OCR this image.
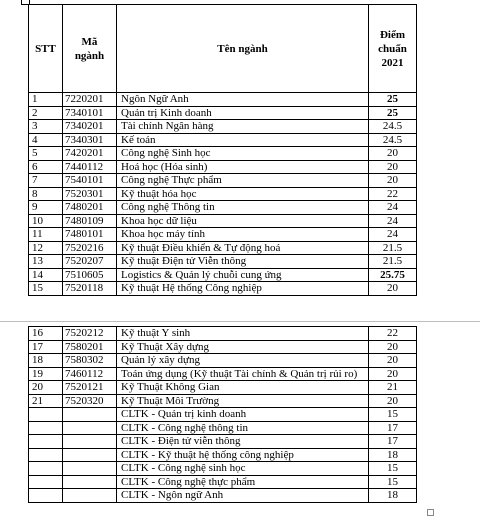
STT	Mã ngành	Tên ngành	Điểm chuẩn 2021
1	7220201	Ngôn Ngữ Anh	25
2	7340101	Quản trị Kinh doanh	25
3	7340201	Tài chính Ngân hàng	24.5
4	7340301	Kế toán	24.5
5	7420201	Công nghệ Sinh học	20
6	7440112	Hoá học (Hóa sinh)	20
7	7540101	Công nghệ Thực phẩm	20
8	7520301	Kỹ thuật hóa học	22
9	7480201	Công nghệ Thông tin	24
10	7480109	Khoa học dữ liệu	24
11	7480101	Khoa học máy tính	24
12	7520216	Kỹ thuật Điều khiển & Tự động hoá	21.5
13	7520207	Kỹ thuật Điện tử Viễn thông	21.5
14	7510605	Logistics & Quản lý chuỗi cung ứng	25.75
15	7520118	Kỹ thuật Hệ thống Công nghiệp	20
16	7520212	Kỹ thuật Y sinh	22
17	7580201	Kỹ Thuật Xây dựng	20
18	7580302	Quản lý xây dựng	20
19	7460112	Toán ứng dụng (Kỹ thuật Tài chính & Quản trị rủi ro)	20
20	7520121	Kỹ Thuật Không Gian	21
21	7520320	Kỹ Thuật Môi Trường	20
		CLTK - Quản trị kinh doanh	15
		CLTK - Công nghệ thông tin	17
		CLTK - Điện tử viễn thông	17
		CLTK - Kỹ thuật hệ thống công nghiệp	18
		CLTK - Công nghệ sinh học	15
		CLTK - Công nghệ thực phẩm	15
		CLTK - Ngôn ngữ Anh	18
